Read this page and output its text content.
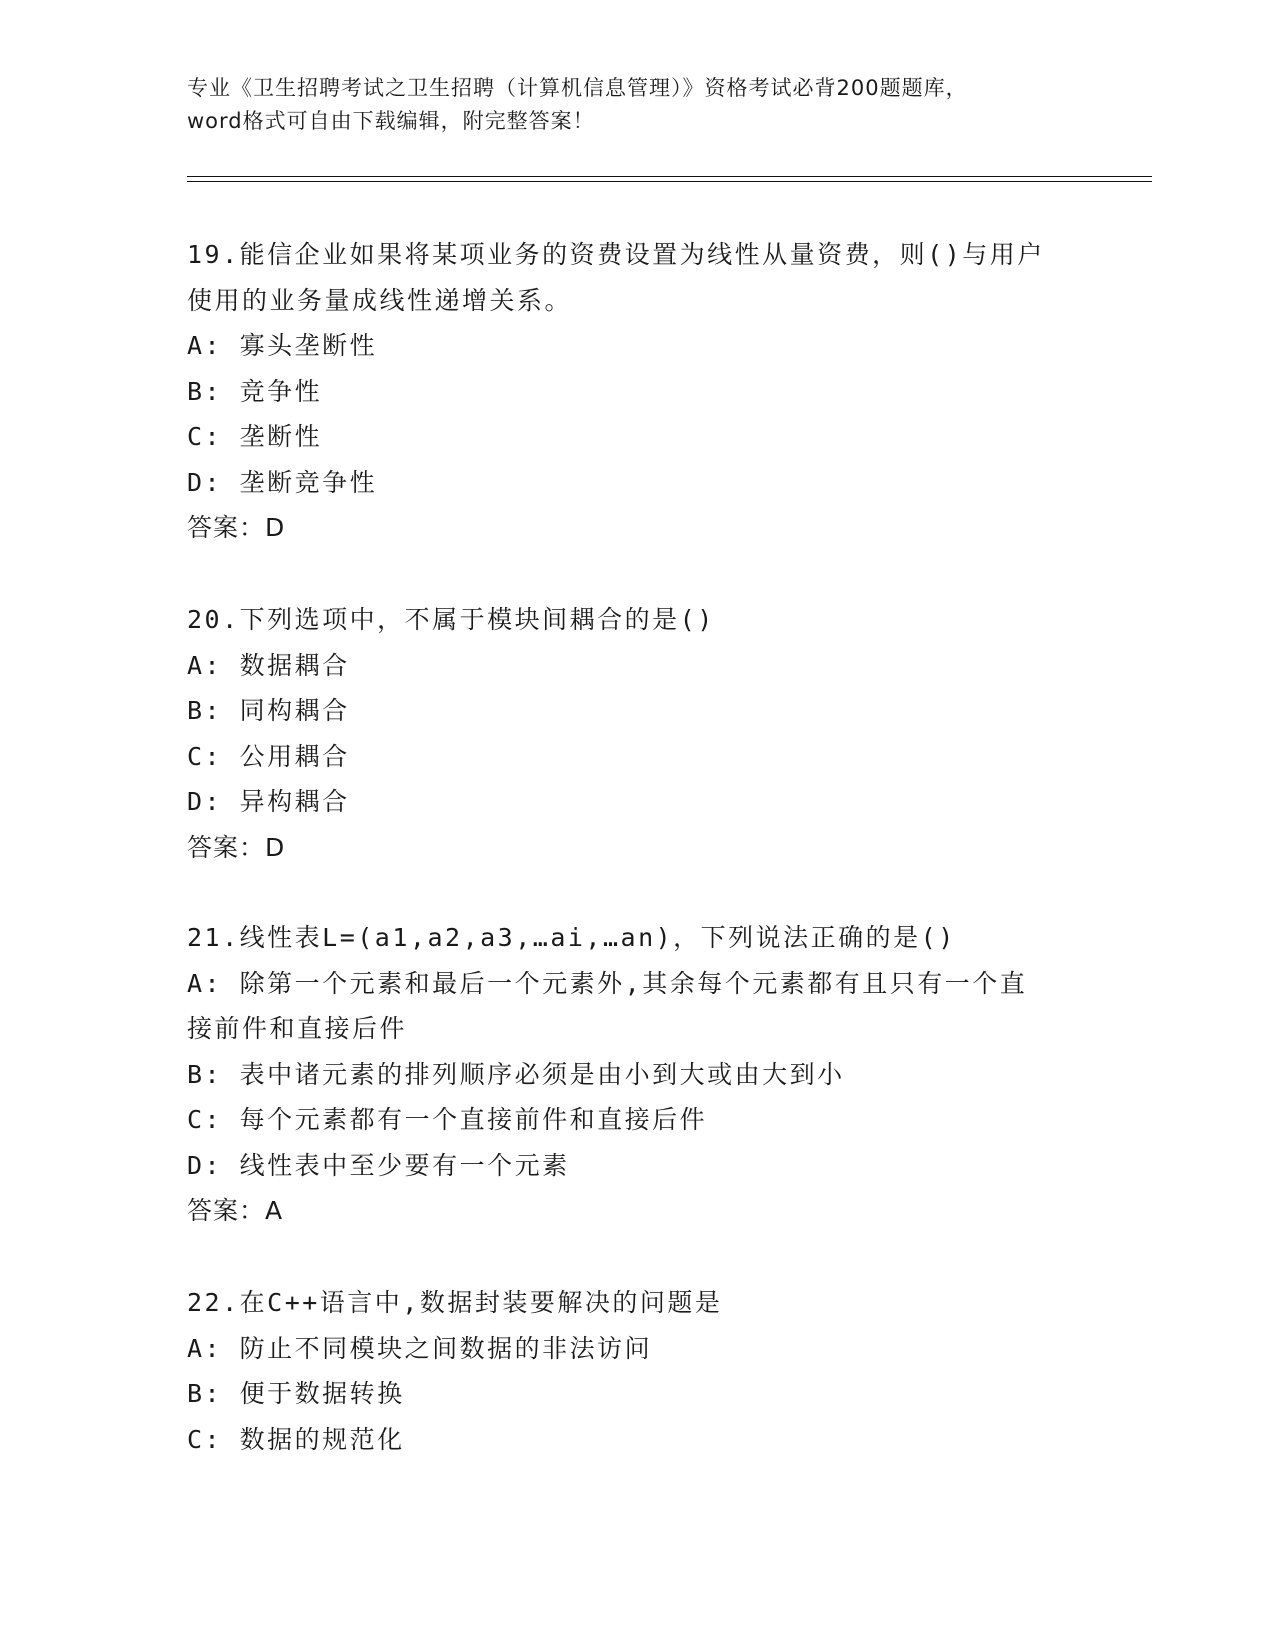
专业《卫生招聘考试之卫生招聘（计算机信息管理）》资格考试必背200题题库，
word格式可自由下载编辑，附完整答案！
19.能信企业如果将某项业务的资费设置为线性从量资费，则()与用户
使用的业务量成线性递增关系。
A: 寡头垄断性
B: 竞争性
C: 垄断性
D: 垄断竞争性
答案：D
20.下列选项中，不属于模块间耦合的是()
A: 数据耦合
B: 同构耦合
C: 公用耦合
D: 异构耦合
答案：D
21.线性表L=(a1,a2,a3,…ai,…an)，下列说法正确的是()
A: 除第一个元素和最后一个元素外,其余每个元素都有且只有一个直
接前件和直接后件
B: 表中诸元素的排列顺序必须是由小到大或由大到小
C: 每个元素都有一个直接前件和直接后件
D: 线性表中至少要有一个元素
答案：A
22.在C++语言中,数据封装要解决的问题是
A: 防止不同模块之间数据的非法访问
B: 便于数据转换
C: 数据的规范化
